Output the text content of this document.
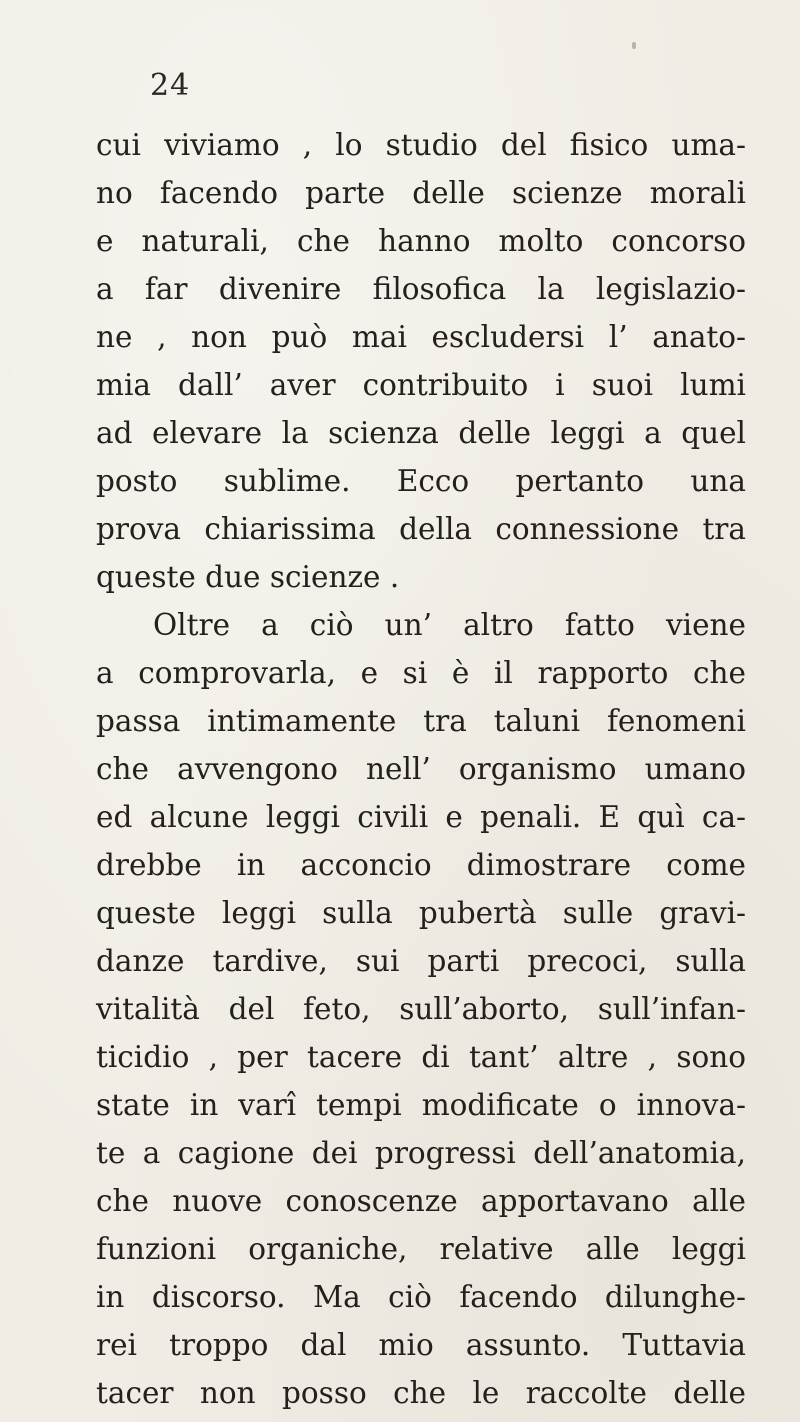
24
cui viviamo , lo studio del fisico uma-
no facendo parte delle scienze morali
e naturali, che hanno molto concorso
a far divenire filosofica la legislazio-
ne , non può mai escludersi l’ anato-
mia dall’ aver contribuito i suoi lumi
ad elevare la scienza delle leggi a quel
posto sublime. Ecco pertanto una
prova chiarissima della connessione tra
queste due scienze .
Oltre a ciò un’ altro fatto viene
a comprovarla, e si è il rapporto che
passa intimamente tra taluni fenomeni
che avvengono nell’ organismo umano
ed alcune leggi civili e penali. E quì ca-
drebbe in acconcio dimostrare come
queste leggi sulla pubertà sulle gravi-
danze tardive, sui parti precoci, sulla
vitalità del feto, sull’aborto, sull’infan-
ticidio , per tacere di tant’ altre , sono
state in varî tempi modificate o innova-
te a cagione dei progressi dell’anatomia,
che nuove conoscenze apportavano alle
funzioni organiche, relative alle leggi
in discorso. Ma ciò facendo dilunghe-
rei troppo dal mio assunto. Tuttavia
tacer non posso che le raccolte delle
